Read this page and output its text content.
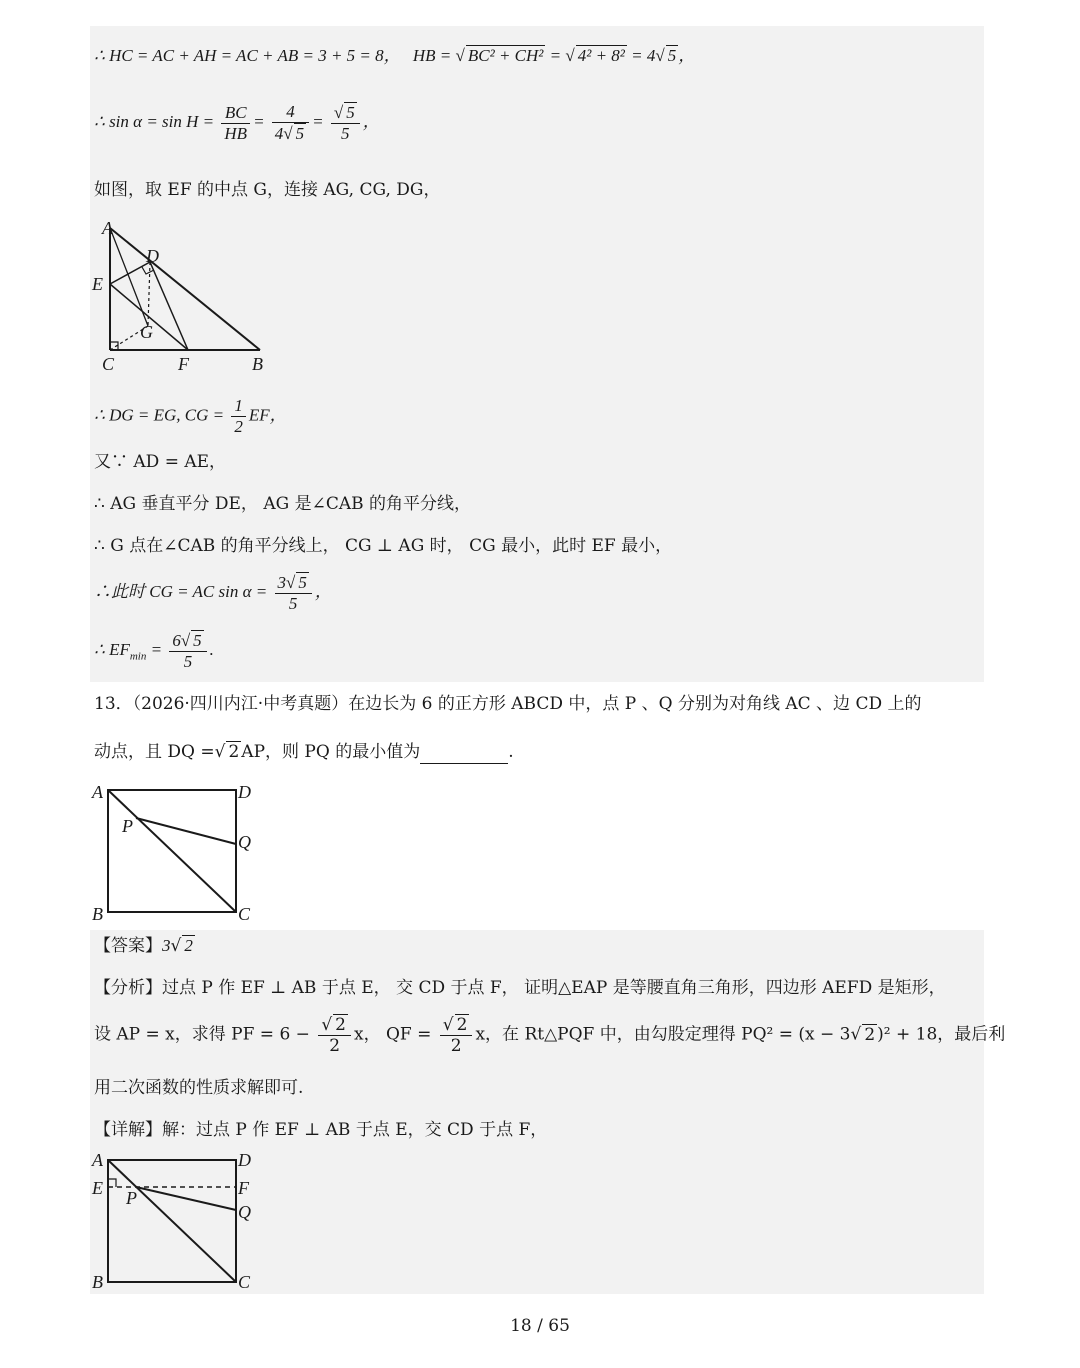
∴ HC = AC + AH = AC + AB = 3 + 5 = 8， HB = √ BC² + CH² = √ 4² + 8² = 4√ 5 ，
∴ $\sin \alpha = \sin H = \frac{BC}{HB} = \frac{4}{4√ 5} = \frac{√ 5}{5}$ ，
如图，取 EF 的中点 G，连接 AG, CG, DG，
A
D
E
G
C	F	B
∴ DG = EG, CG = $\frac{1}{2}$ EF，
又∵ AD = AE，
∴ AG 垂直平分 DE， AG 是∠CAB 的角平分线，
∴ G 点在∠CAB 的角平分线上， CG ⊥ AG 时， CG 最小，此时 EF 最小，
∴此时 CG = AC $\sin \alpha = \frac{3√ 5}{5}$ ，
∴ $EF_{min} = \frac{6√ 5}{5}$ .
13．（2026·四川内江·中考真题）在边长为 6 的正方形 ABCD 中，点 P 、Q 分别为对角线 AC 、边 CD 上的
动点，且 DQ =√ 2 AP，则 PQ 的最小值为	.
A	D
P
Q
B	C
【答案】3√ 2
【分析】过点 P 作 EF ⊥ AB 于点 E， 交 CD 于点 F， 证明△EAP 是等腰直角三角形，四边形 AEFD 是矩形，
设 AP = x，求得 PF = $6 - \frac{√ 2}{2}$ x， QF = $\frac{√ 2}{2}$ x，在 Rt△PQF 中，由勾股定理得 PQ² = (x − 3√ 2 )² + 18，最后利
用二次函数的性质求解即可.
【详解】解：过点 P 作 EF ⊥ AB 于点 E，交 CD 于点 F，
A	D
E	F
P
Q
B	C
18 / 65
